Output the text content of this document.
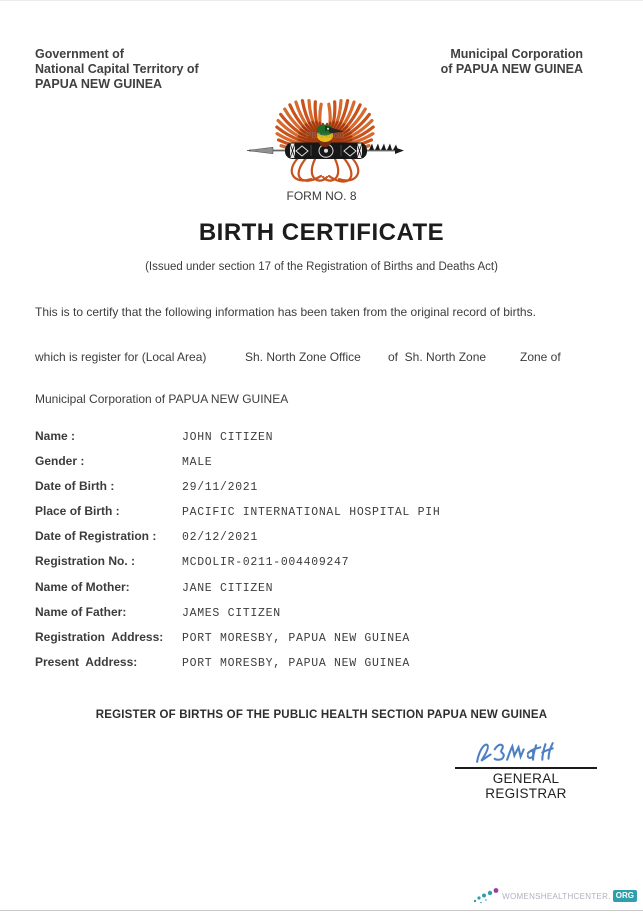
Government of
National Capital Territory of
PAPUA NEW GUINEA
Municipal Corporation
of PAPUA NEW GUINEA
PBAndroid
FORM NO. 8
BIRTH CERTIFICATE
(Issued under section 17 of the Registration of Births and Deaths Act)
This is to certify that the following information has been taken from the original record of births.
which is register for (Local Area)	Sh. North Zone Office of  Sh. North Zone	Zone of
Municipal Corporation of PAPUA NEW GUINEA
Name :	JOHN CITIZEN
Gender :	MALE
Date of Birth :	29/11/2021
Place of Birth :	PACIFIC INTERNATIONAL HOSPITAL PIH
Date of Registration :	02/12/2021
Registration No. :	MCDOLIR-0211-004409247
Name of Mother:	JANE CITIZEN
Name of Father:	JAMES CITIZEN
Registration  Address:	PORT MORESBY, PAPUA NEW GUINEA
Present  Address:	PORT MORESBY, PAPUA NEW GUINEA
REGISTER OF BIRTHS OF THE PUBLIC HEALTH SECTION PAPUA NEW GUINEA
GENERAL REGISTRAR
WOMENSHEALTHCENTER. ORG
